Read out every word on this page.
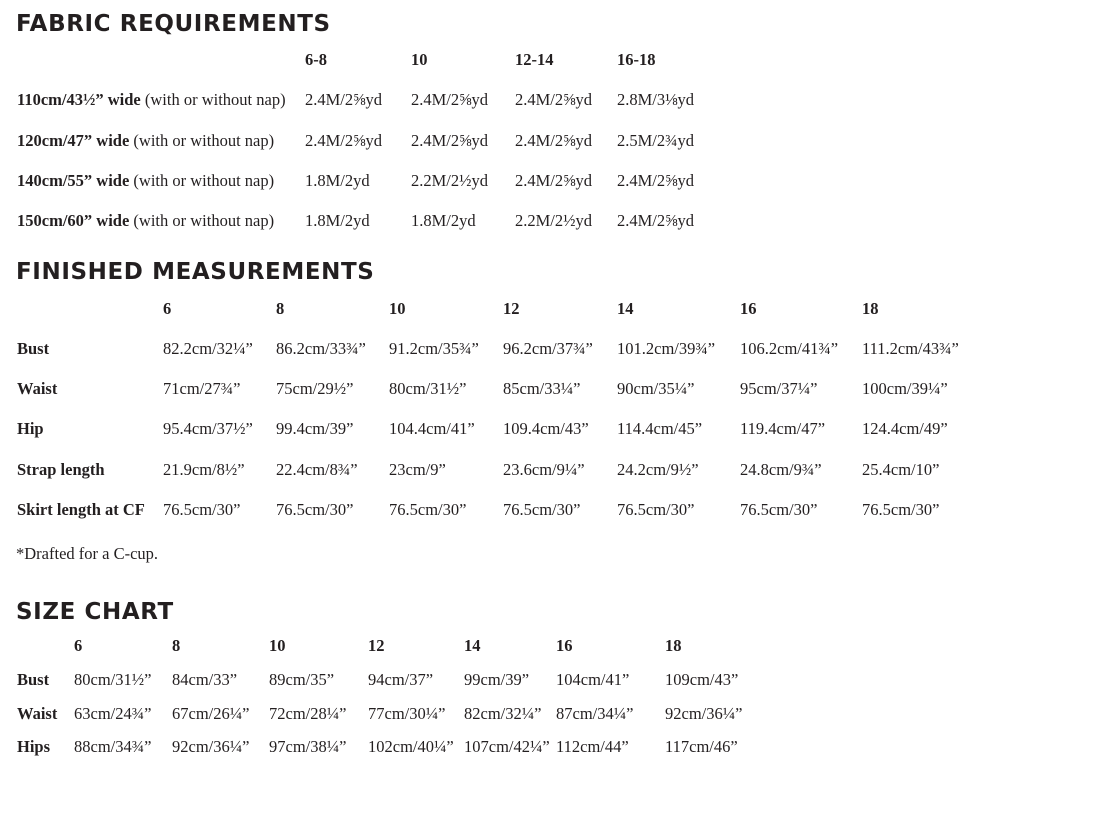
FABRIC REQUIREMENTS
6-8	10	12-14	16-18
110cm/43½” wide (with or without nap) 2.4M/2⅝yd 2.4M/2⅝yd 2.4M/2⅝yd 2.8M/3⅛yd
120cm/47” wide (with or without nap) 2.4M/2⅝yd 2.4M/2⅝yd 2.4M/2⅝yd 2.5M/2¾yd
140cm/55” wide (with or without nap) 1.8M/2yd	2.2M/2½yd 2.4M/2⅝yd 2.4M/2⅝yd
150cm/60” wide (with or without nap) 1.8M/2yd	1.8M/2yd 2.2M/2½yd 2.4M/2⅝yd
FINISHED MEASUREMENTS
6	8	10	12	14	16	18
Bust	82.2cm/32¼” 86.2cm/33¾” 91.2cm/35¾” 96.2cm/37¾” 101.2cm/39¾” 106.2cm/41¾” 111.2cm/43¾”
Waist	71cm/27¾” 75cm/29½” 80cm/31½” 85cm/33¼” 90cm/35¼”	95cm/37¼”	100cm/39¼”
Hip	95.4cm/37½” 99.4cm/39” 104.4cm/41” 109.4cm/43” 114.4cm/45” 119.4cm/47” 124.4cm/49”
Strap length	21.9cm/8½” 22.4cm/8¾” 23cm/9”	23.6cm/9¼” 24.2cm/9½”	24.8cm/9¾” 25.4cm/10”
Skirt length at CF 76.5cm/30” 76.5cm/30” 76.5cm/30” 76.5cm/30” 76.5cm/30”	76.5cm/30”	76.5cm/30”
*Drafted for a C-cup.
SIZE CHART
6	8	10	12	14	16	18
Bust 80cm/31½” 84cm/33” 89cm/35” 94cm/37” 99cm/39” 104cm/41” 109cm/43”
Waist 63cm/24¾” 67cm/26¼” 72cm/28¼” 77cm/30¼” 82cm/32¼” 87cm/34¼” 92cm/36¼”
Hips 88cm/34¾” 92cm/36¼” 97cm/38¼” 102cm/40¼” 107cm/42¼” 112cm/44” 117cm/46”
